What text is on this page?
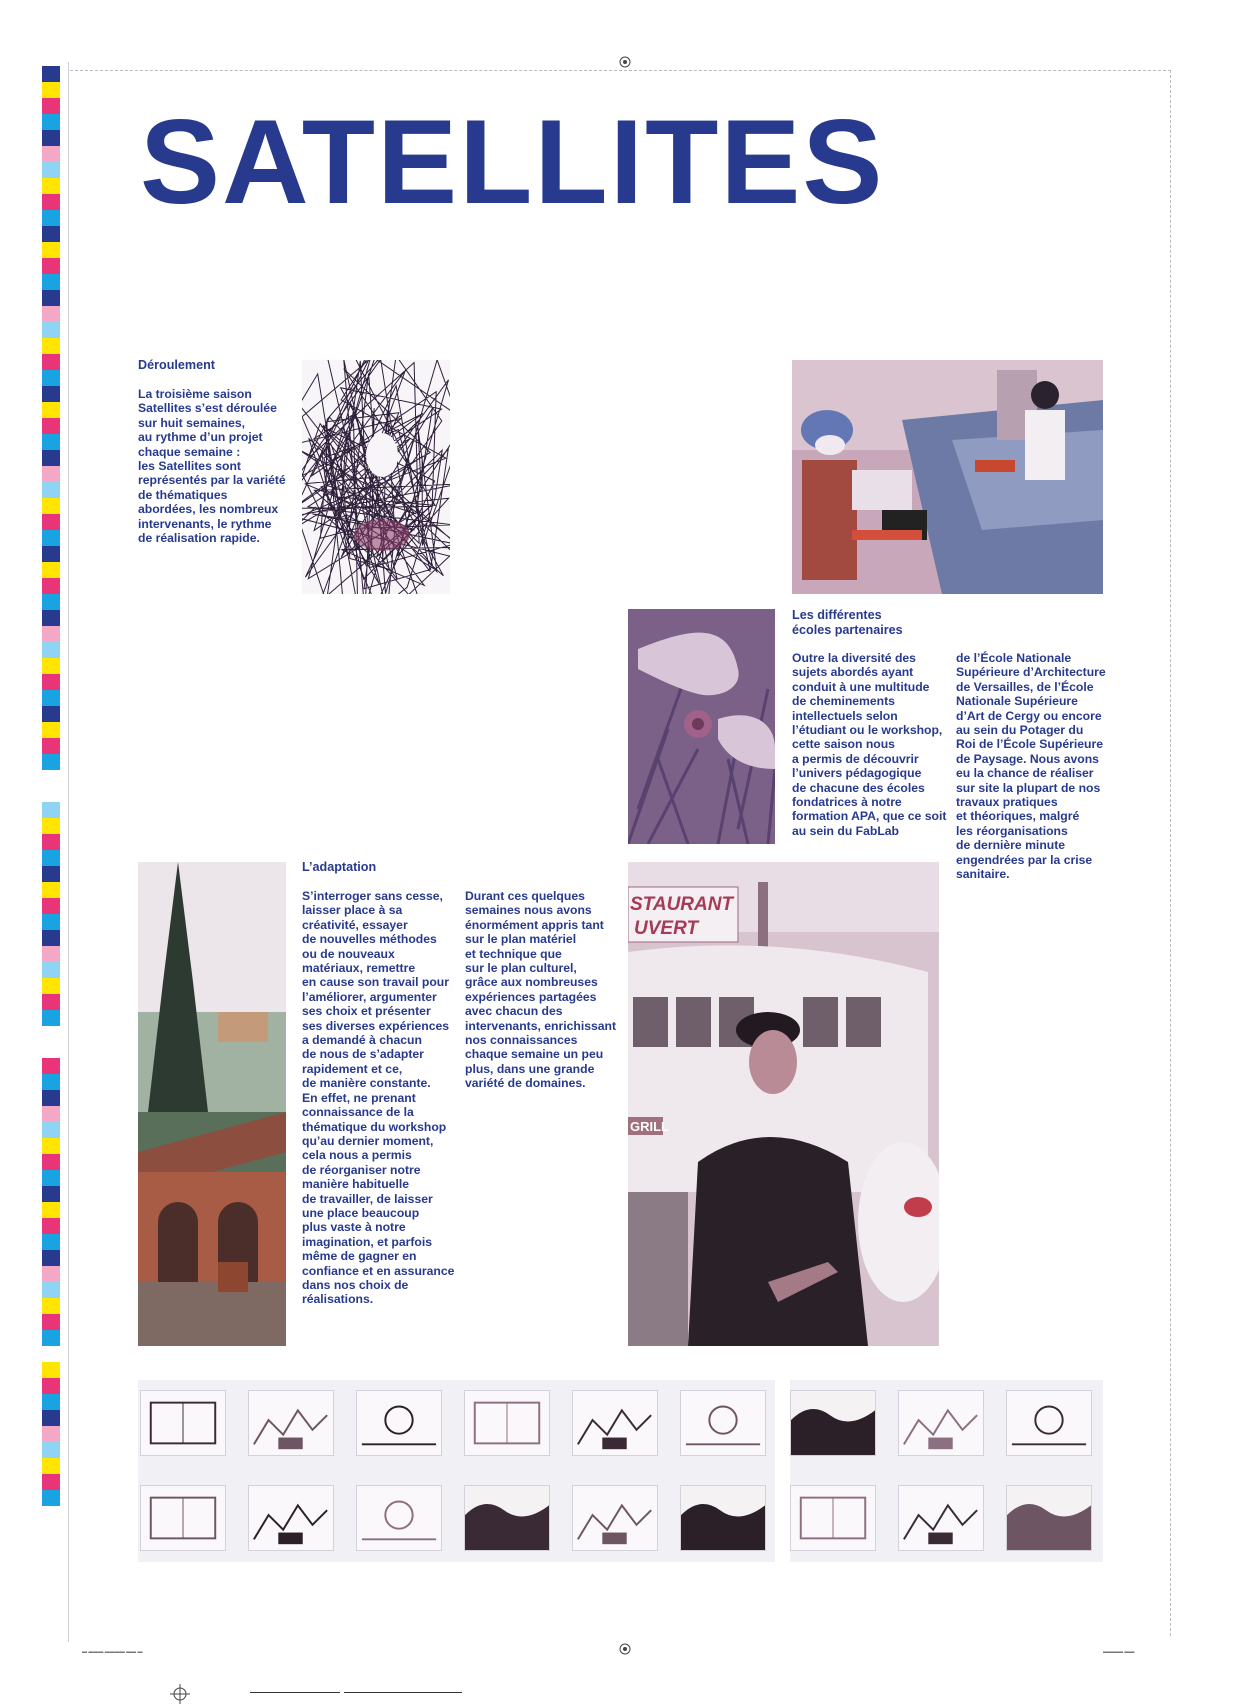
SATELLITES
Déroulement
La troisième saison
Satellites s’est déroulée
sur huit semaines,
au rythme d’un projet
chaque semaine :
les Satellites sont
représentés par la variété
de thématiques
abordées, les nombreux
intervenants, le rythme
de réalisation rapide.
Les différentes
écoles partenaires
Outre la diversité des
sujets abordés ayant
conduit à une multitude
de cheminements
intellectuels selon
l’étudiant ou le workshop,
cette saison nous
a permis de découvrir
l’univers pédagogique
de chacune des écoles
fondatrices à notre
formation APA, que ce soit
au sein du FabLab
de l’École Nationale
Supérieure d’Architecture
de Versailles, de l’École
Nationale Supérieure
d’Art de Cergy ou encore
au sein du Potager du
Roi de l’École Supérieure
de Paysage. Nous avons
eu la chance de réaliser
sur site la plupart de nos
travaux pratiques
et théoriques, malgré
les réorganisations
de dernière minute
engendrées par la crise
sanitaire.
L’adaptation
S’interroger sans cesse,
laisser place à sa
créativité, essayer
de nouvelles méthodes
ou de nouveaux
matériaux, remettre
en cause son travail pour
l’améliorer, argumenter
ses choix et présenter
ses diverses expériences
a demandé à chacun
de nous de s’adapter
rapidement et ce,
de manière constante.
En effet, ne prenant
connaissance de la
thématique du workshop
qu’au dernier moment,
cela nous a permis
de réorganiser notre
manière habituelle
de travailler, de laisser
une place beaucoup
plus vaste à notre
imagination, et parfois
même de gagner en
confiance et en assurance
dans nos choix de
réalisations.
Durant ces quelques
semaines nous avons
énormément appris tant
sur le plan matériel
et technique que
sur le plan culturel,
grâce aux nombreuses
expériences partagées
avec chacun des
intervenants, enrichissant
nos connaissances
chaque semaine un peu
plus, dans une grande
variété de domaines.
STAURANT
UVERT
GRILL
▬ ▬▬▬ ▬▬▬▬ ▬▬ ▬	▬▬▬▬ ▬▬
